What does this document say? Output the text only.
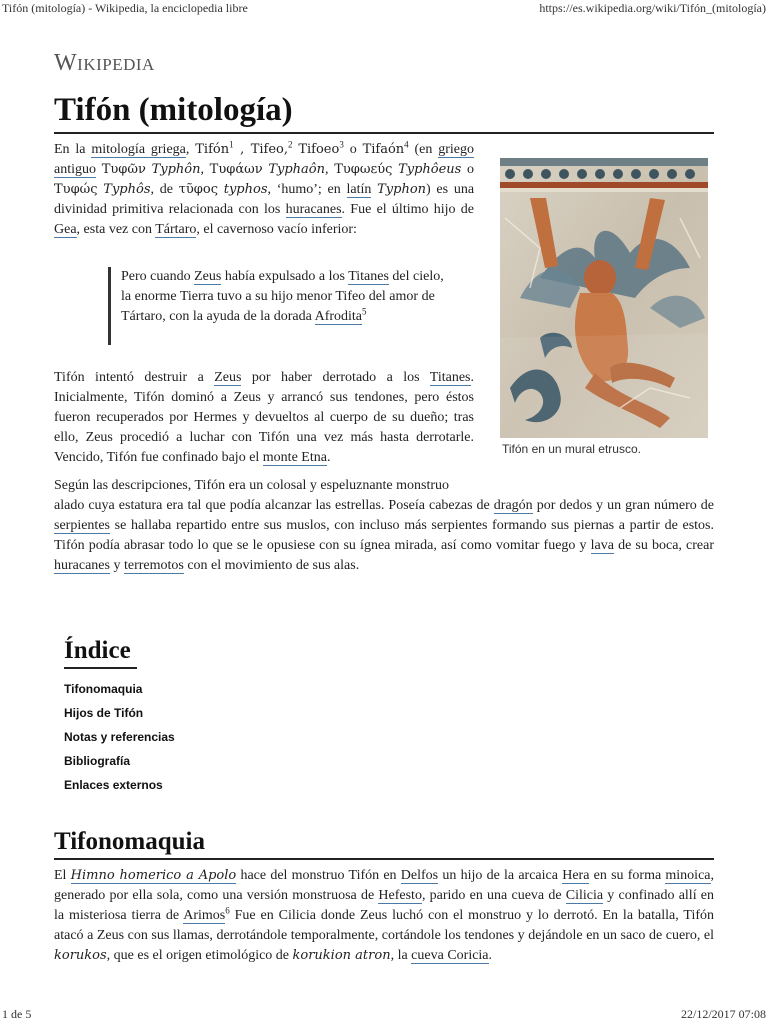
Tifón (mitología) - Wikipedia, la enciclopedia libre	https://es.wikipedia.org/wiki/Tifón_(mitología)
Wikipedia
Tifón (mitología)

En la mitología griega, Tifón$^1$ , Tifeo,$^2$ Tifoeo$^3$ o Tifaón$^4$ (en griego antiguo Τυφῶν Typhôn, Τυφάων Typhaôn, Τυφωεύς Typhôeus o Τυφώς Typhôs, de τῦφος typhos, ‘humo’; en latín Typhon) es una divinidad primitiva relacionada con los huracanes. Fue el último hijo de Gea, esta vez con Tártaro, el cavernoso vacío inferior:

Pero cuando Zeus había expulsado a los Titanes del cielo,
la enorme Tierra tuvo a su hijo menor Tifeo del amor de
Tártaro, con la ayuda de la dorada Afrodita$^5$

Tifón intentó destruir a Zeus por haber derrotado a los Titanes. Inicialmente, Tifón dominó a Zeus y arrancó sus tendones, pero éstos fueron recuperados por Hermes y devueltos al cuerpo de su dueño; tras ello, Zeus procedió a luchar con Tifón una vez más hasta derrotarle. Vencido, Tifón fue confinado bajo el monte Etna.

Tifón en un mural etrusco.

Según las descripciones, Tifón era un colosal y espeluznante monstruo

alado cuya estatura era tal que podía alcanzar las estrellas. Poseía cabezas de dragón por dedos y un gran número de serpientes se hallaba repartido entre sus muslos, con incluso más serpientes formando sus piernas a partir de estos. Tifón podía abrasar todo lo que se le opusiese con su ígnea mirada, así como vomitar fuego y lava de su boca, crear huracanes y terremotos con el movimiento de sus alas.

Índice
Tifonomaquia
Hijos de Tifón
Notas y referencias
Bibliografía
Enlaces externos
Tifonomaquia

El Himno homerico a Apolo hace del monstruo Tifón en Delfos un hijo de la arcaica Hera en su forma minoica, generado por ella sola, como una versión monstruosa de Hefesto, parido en una cueva de Cilicia y confinado allí en la misteriosa tierra de Arimos$^6$ Fue en Cilicia donde Zeus luchó con el monstruo y lo derrotó. En la batalla, Tifón atacó a Zeus con sus llamas, derrotándole temporalmente, cortándole los tendones y dejándole en un saco de cuero, el korukos, que es el origen etimológico de korukion atron, la cueva Coricia.

1 de 5	22/12/2017 07:08
